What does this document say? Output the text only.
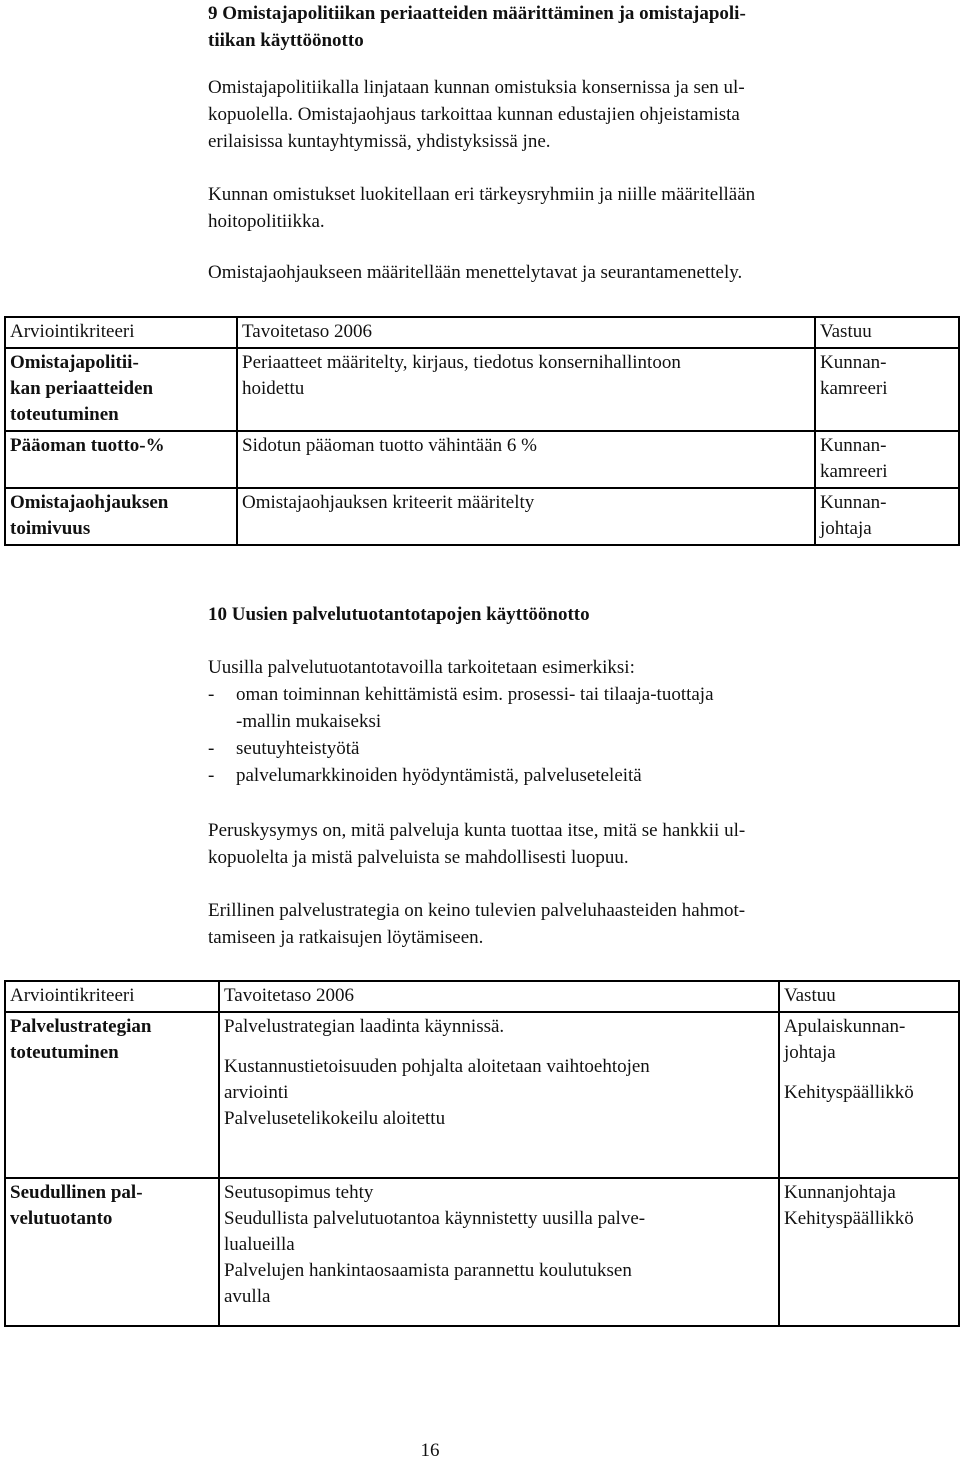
9 Omistajapolitiikan periaatteiden määrittäminen ja omistajapoli-
tiikan käyttöönotto

Omistajapolitiikalla linjataan kunnan omistuksia konsernissa ja sen ul-

kopuolella. Omistajaohjaus tarkoittaa kunnan edustajien ohjeistamista

erilaisissa kuntayhtymissä, yhdistyksissä jne.

Kunnan omistukset luokitellaan eri tärkeysryhmiin ja niille määritellään

hoitopolitiikka.

Omistajaohjaukseen määritellään menettelytavat ja seurantamenettely.

Arviointikriteeri	Tavoitetaso 2006	Vastuu

Omistajapolitii-
kan periaatteiden
toteutuminen	Periaatteet määritelty, kirjaus, tiedotus konsernihallintoon
hoidettu	Kunnan-
kamreeri

Pääoman tuotto-%	Sidotun pääoman tuotto vähintään 6 %	Kunnan-
kamreeri

Omistajaohjauksen
toimivuus	Omistajaohjauksen kriteerit määritelty	Kunnan-
johtaja
10 Uusien palvelutuotantotapojen käyttöönotto

Uusilla palvelutuotantotavoilla tarkoitetaan esimerkiksi:

-	oman toiminnan kehittämistä esim. prosessi- tai tilaaja-tuottaja
-mallin mukaiseksi
-	seutuyhteistyötä
-	palvelumarkkinoiden hyödyntämistä, palveluseteleitä

Peruskysymys on, mitä palveluja kunta tuottaa itse, mitä se hankkii ul-

kopuolelta ja mistä palveluista se mahdollisesti luopuu.

Erillinen palvelustrategia on keino tulevien palveluhaasteiden hahmot-

tamiseen ja ratkaisujen löytämiseen.

Arviointikriteeri	Tavoitetaso 2006	Vastuu

Palvelustrategian
toteutuminen	Palvelustrategian laadinta käynnissä.
Kustannustietoisuuden pohjalta aloitetaan vaihtoehtojen
arviointi
Palvelusetelikokeilu aloitettu	Apulaiskunnan-
johtaja
Kehityspäällikkö

Seudullinen pal-
velutuotanto	Seutusopimus tehty
Seudullista palvelutuotantoa käynnistetty uusilla palve-
lualueilla
Palvelujen hankintaosaamista parannettu koulutuksen
avulla	Kunnanjohtaja
Kehityspäällikkö
16
